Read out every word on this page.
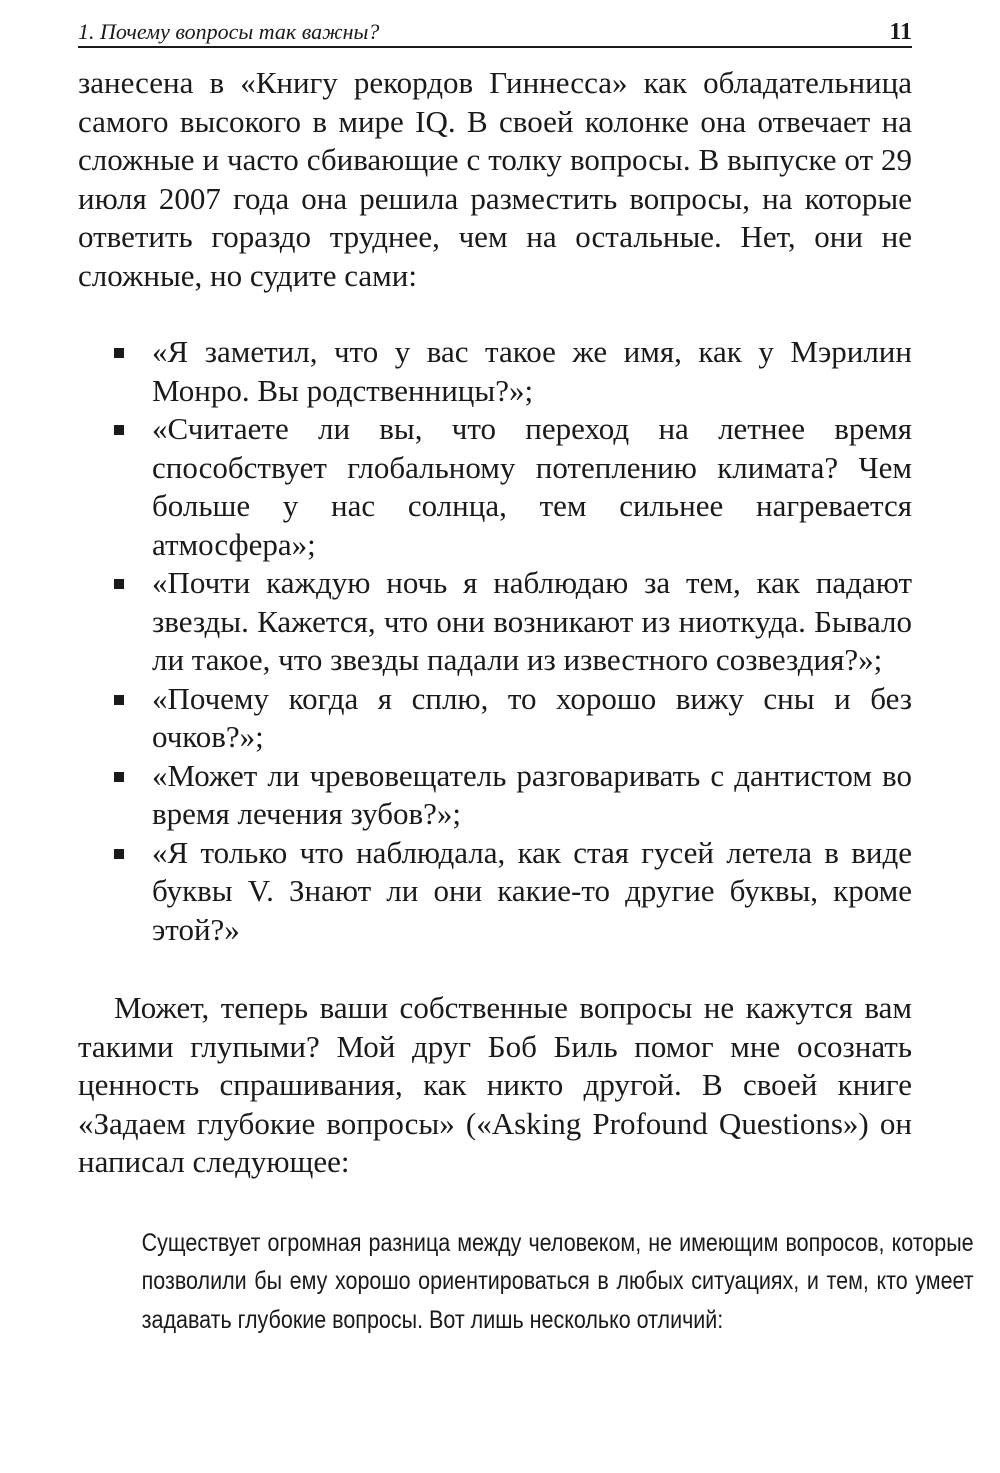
1. Почему вопросы так важны?	11

занесена в «Книгу рекордов Гиннесса» как обладательница самого высокого в мире IQ. В своей колонке она отвечает на сложные и часто сбивающие с толку вопросы. В выпуске от 29 июля 2007 года она решила разместить вопросы, на которые ответить гораздо труднее, чем на остальные. Нет, они не сложные, но судите сами:

«Я заметил, что у вас такое же имя, как у Мэрилин Монро. Вы родственницы?»;
«Считаете ли вы, что переход на летнее время способствует глобальному потеплению климата? Чем больше у нас солнца, тем сильнее нагревается атмосфера»;
«Почти каждую ночь я наблюдаю за тем, как падают звезды. Кажется, что они возникают из ниоткуда. Бывало ли такое, что звезды падали из известного созвездия?»;
«Почему когда я сплю, то хорошо вижу сны и без очков?»;
«Может ли чревовещатель разговаривать с дантистом во время лечения зубов?»;
«Я только что наблюдала, как стая гусей летела в виде буквы V. Знают ли они какие-то другие буквы, кроме этой?»

Может, теперь ваши собственные вопросы не кажутся вам такими глупыми? Мой друг Боб Биль помог мне осознать ценность спрашивания, как никто другой. В своей книге «Задаем глубокие вопросы» («Asking Profound Questions») он написал следующее:

Существует огромная разница между человеком, не имеющим вопросов, которые позволили бы ему хорошо ориентироваться в любых ситуациях, и тем, кто умеет задавать глубокие вопросы. Вот лишь несколько отличий:
